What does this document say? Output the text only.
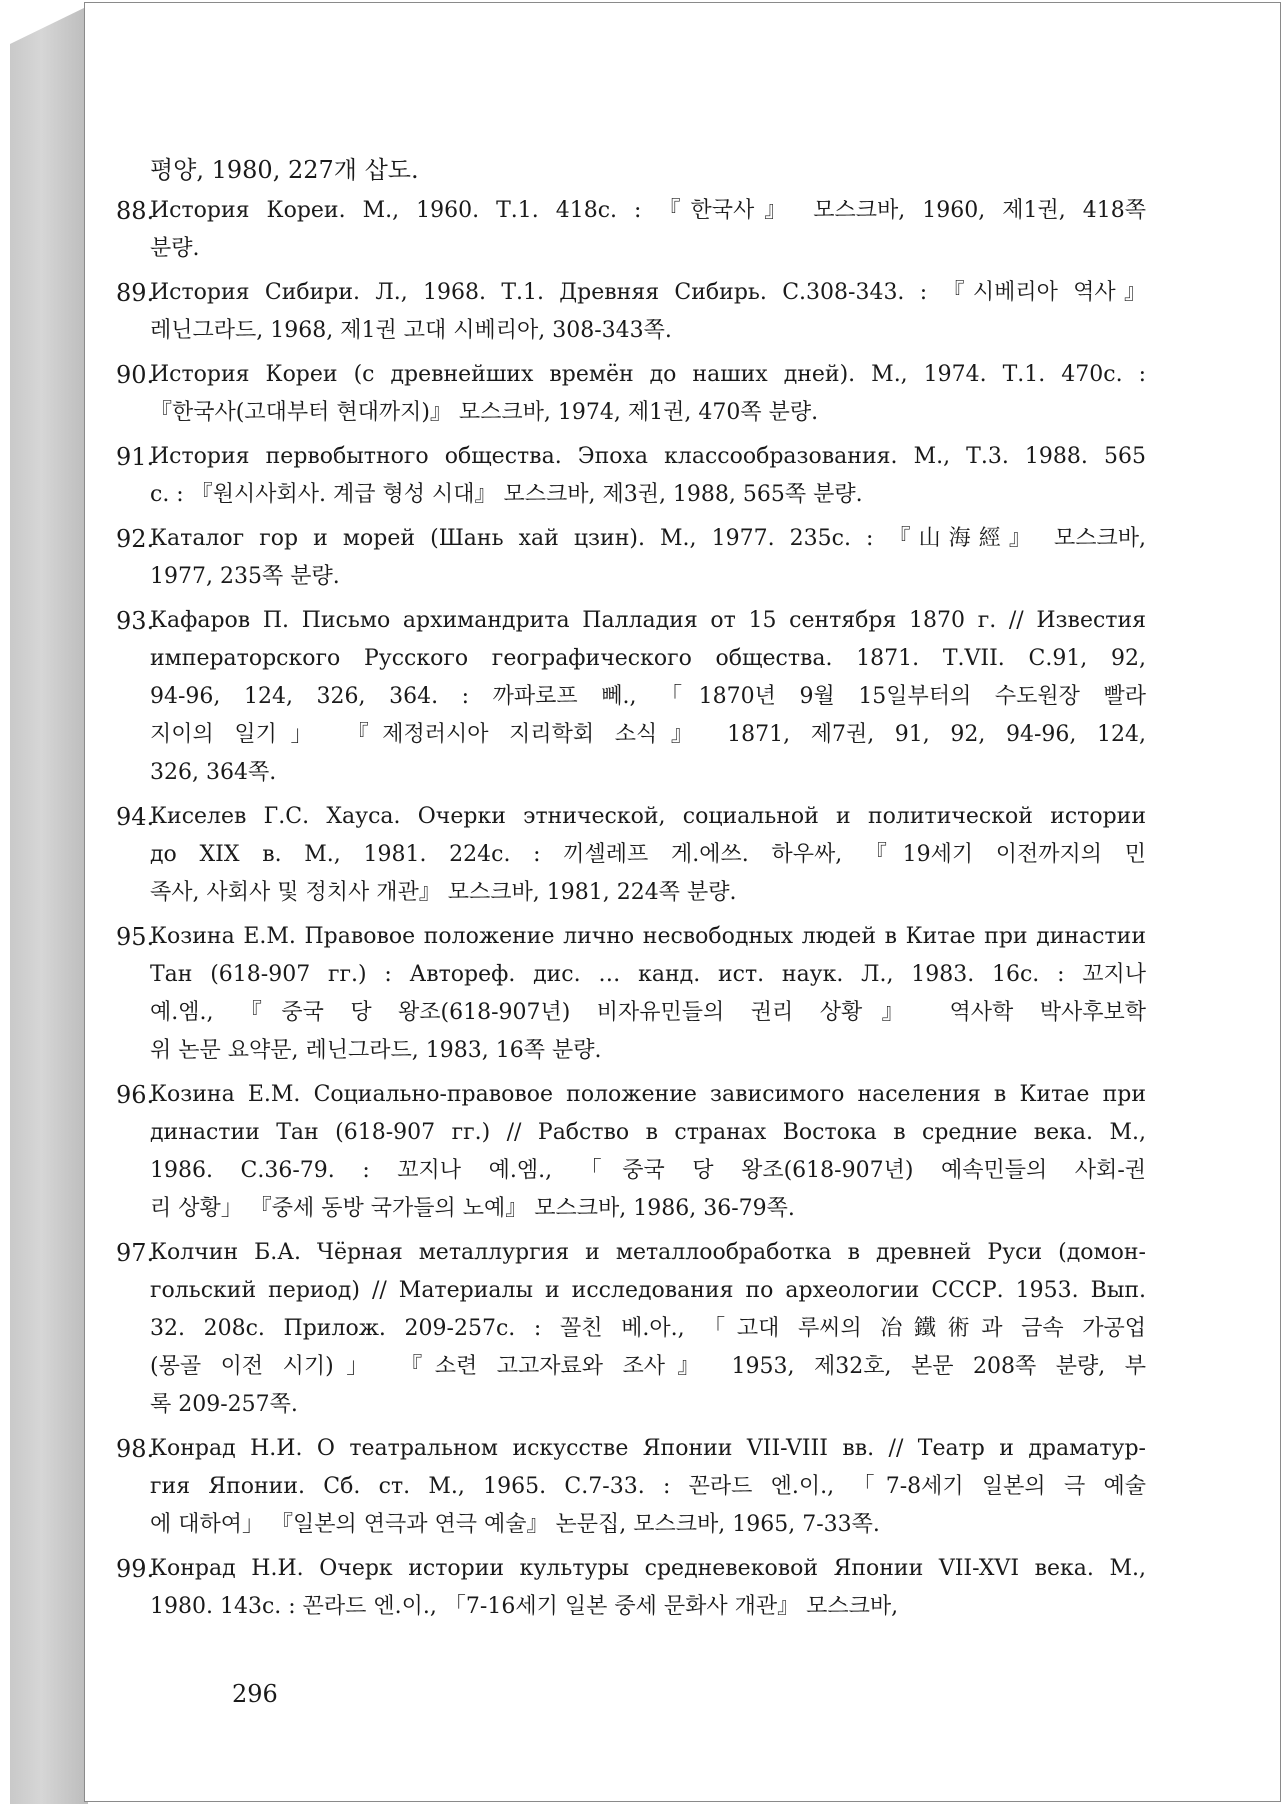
평양, 1980, 227개 삽도.
88.
История Кореи. М., 1960. Т.1. 418с. : 『한국사』 모스크바, 1960, 제1권, 418쪽
분량.
89.
История Сибири. Л., 1968. Т.1. Древняя Сибирь. С.308-343. : 『시베리아 역사』
레닌그라드, 1968, 제1권 고대 시베리아, 308-343쪽.
90.
История Кореи (с древнейших времён до наших дней). М., 1974. Т.1. 470с. :
『한국사(고대부터 현대까지)』 모스크바, 1974, 제1권, 470쪽 분량.
91.
История первобытного общества. Эпоха классообразования. М., Т.3. 1988. 565
с. : 『원시사회사. 계급 형성 시대』 모스크바, 제3권, 1988, 565쪽 분량.
92.
Каталог гор и морей (Шань хай цзин). М., 1977. 235с. : 『山海經』 모스크바,
1977, 235쪽 분량.
93.
Кафаров П. Письмо архимандрита Палладия от 15 сентября 1870 г. // Известия
императорского Русского географического общества. 1871. Т.VII. С.91, 92,
94-96, 124, 326, 364. : 까파로프 뻬., 「1870년 9월 15일부터의 수도원장 빨라
지이의 일기」 『제정러시아 지리학회 소식』 1871, 제7권, 91, 92, 94-96, 124,
326, 364쪽.
94.
Киселев Г.С. Хауса. Очерки этнической, социальной и политической истории
до XIX в. М., 1981. 224с. : 끼셀레프 게.에쓰. 하우싸, 『19세기 이전까지의 민
족사, 사회사 및 정치사 개관』 모스크바, 1981, 224쪽 분량.
95.
Козина Е.М. Правовое положение лично несвободных людей в Китае при династии
Тан (618-907 гг.) : Автореф. дис. … канд. ист. наук. Л., 1983. 16с. : 꼬지나
예.엠., 『중국 당 왕조(618-907년) 비자유민들의 권리 상황』 역사학 박사후보학
위 논문 요약문, 레닌그라드, 1983, 16쪽 분량.
96.
Козина Е.М. Социально-правовое положение зависимого населения в Китае при
династии Тан (618-907 гг.) // Рабство в странах Востока в средние века. М.,
1986. С.36-79. : 꼬지나 예.엠., 「중국 당 왕조(618-907년) 예속민들의 사회-권
리 상황」 『중세 동방 국가들의 노예』 모스크바, 1986, 36-79쪽.
97.
Колчин Б.А. Чёрная металлургия и металлообработка в древней Руси (домон-
гольский период) // Материалы и исследования по археологии СССР. 1953. Вып.
32. 208с. Прилож. 209-257с. : 꼴친 베.아., 「고대 루씨의 冶鐵術과 금속 가공업
(몽골 이전 시기)」 『소련 고고자료와 조사』 1953, 제32호, 본문 208쪽 분량, 부
록 209-257쪽.
98.
Конрад Н.И. О театральном искусстве Японии VII-VIII вв. // Театр и драматур-
гия Японии. Сб. ст. М., 1965. С.7-33. : 꼰라드 엔.이., 「7-8세기 일본의 극 예술
에 대하여」 『일본의 연극과 연극 예술』 논문집, 모스크바, 1965, 7-33쪽.
99.
Конрад Н.И. Очерк истории культуры средневековой Японии VII-XVI века. М.,
1980. 143с. : 꼰라드 엔.이., 「7-16세기 일본 중세 문화사 개관』 모스크바,
296
